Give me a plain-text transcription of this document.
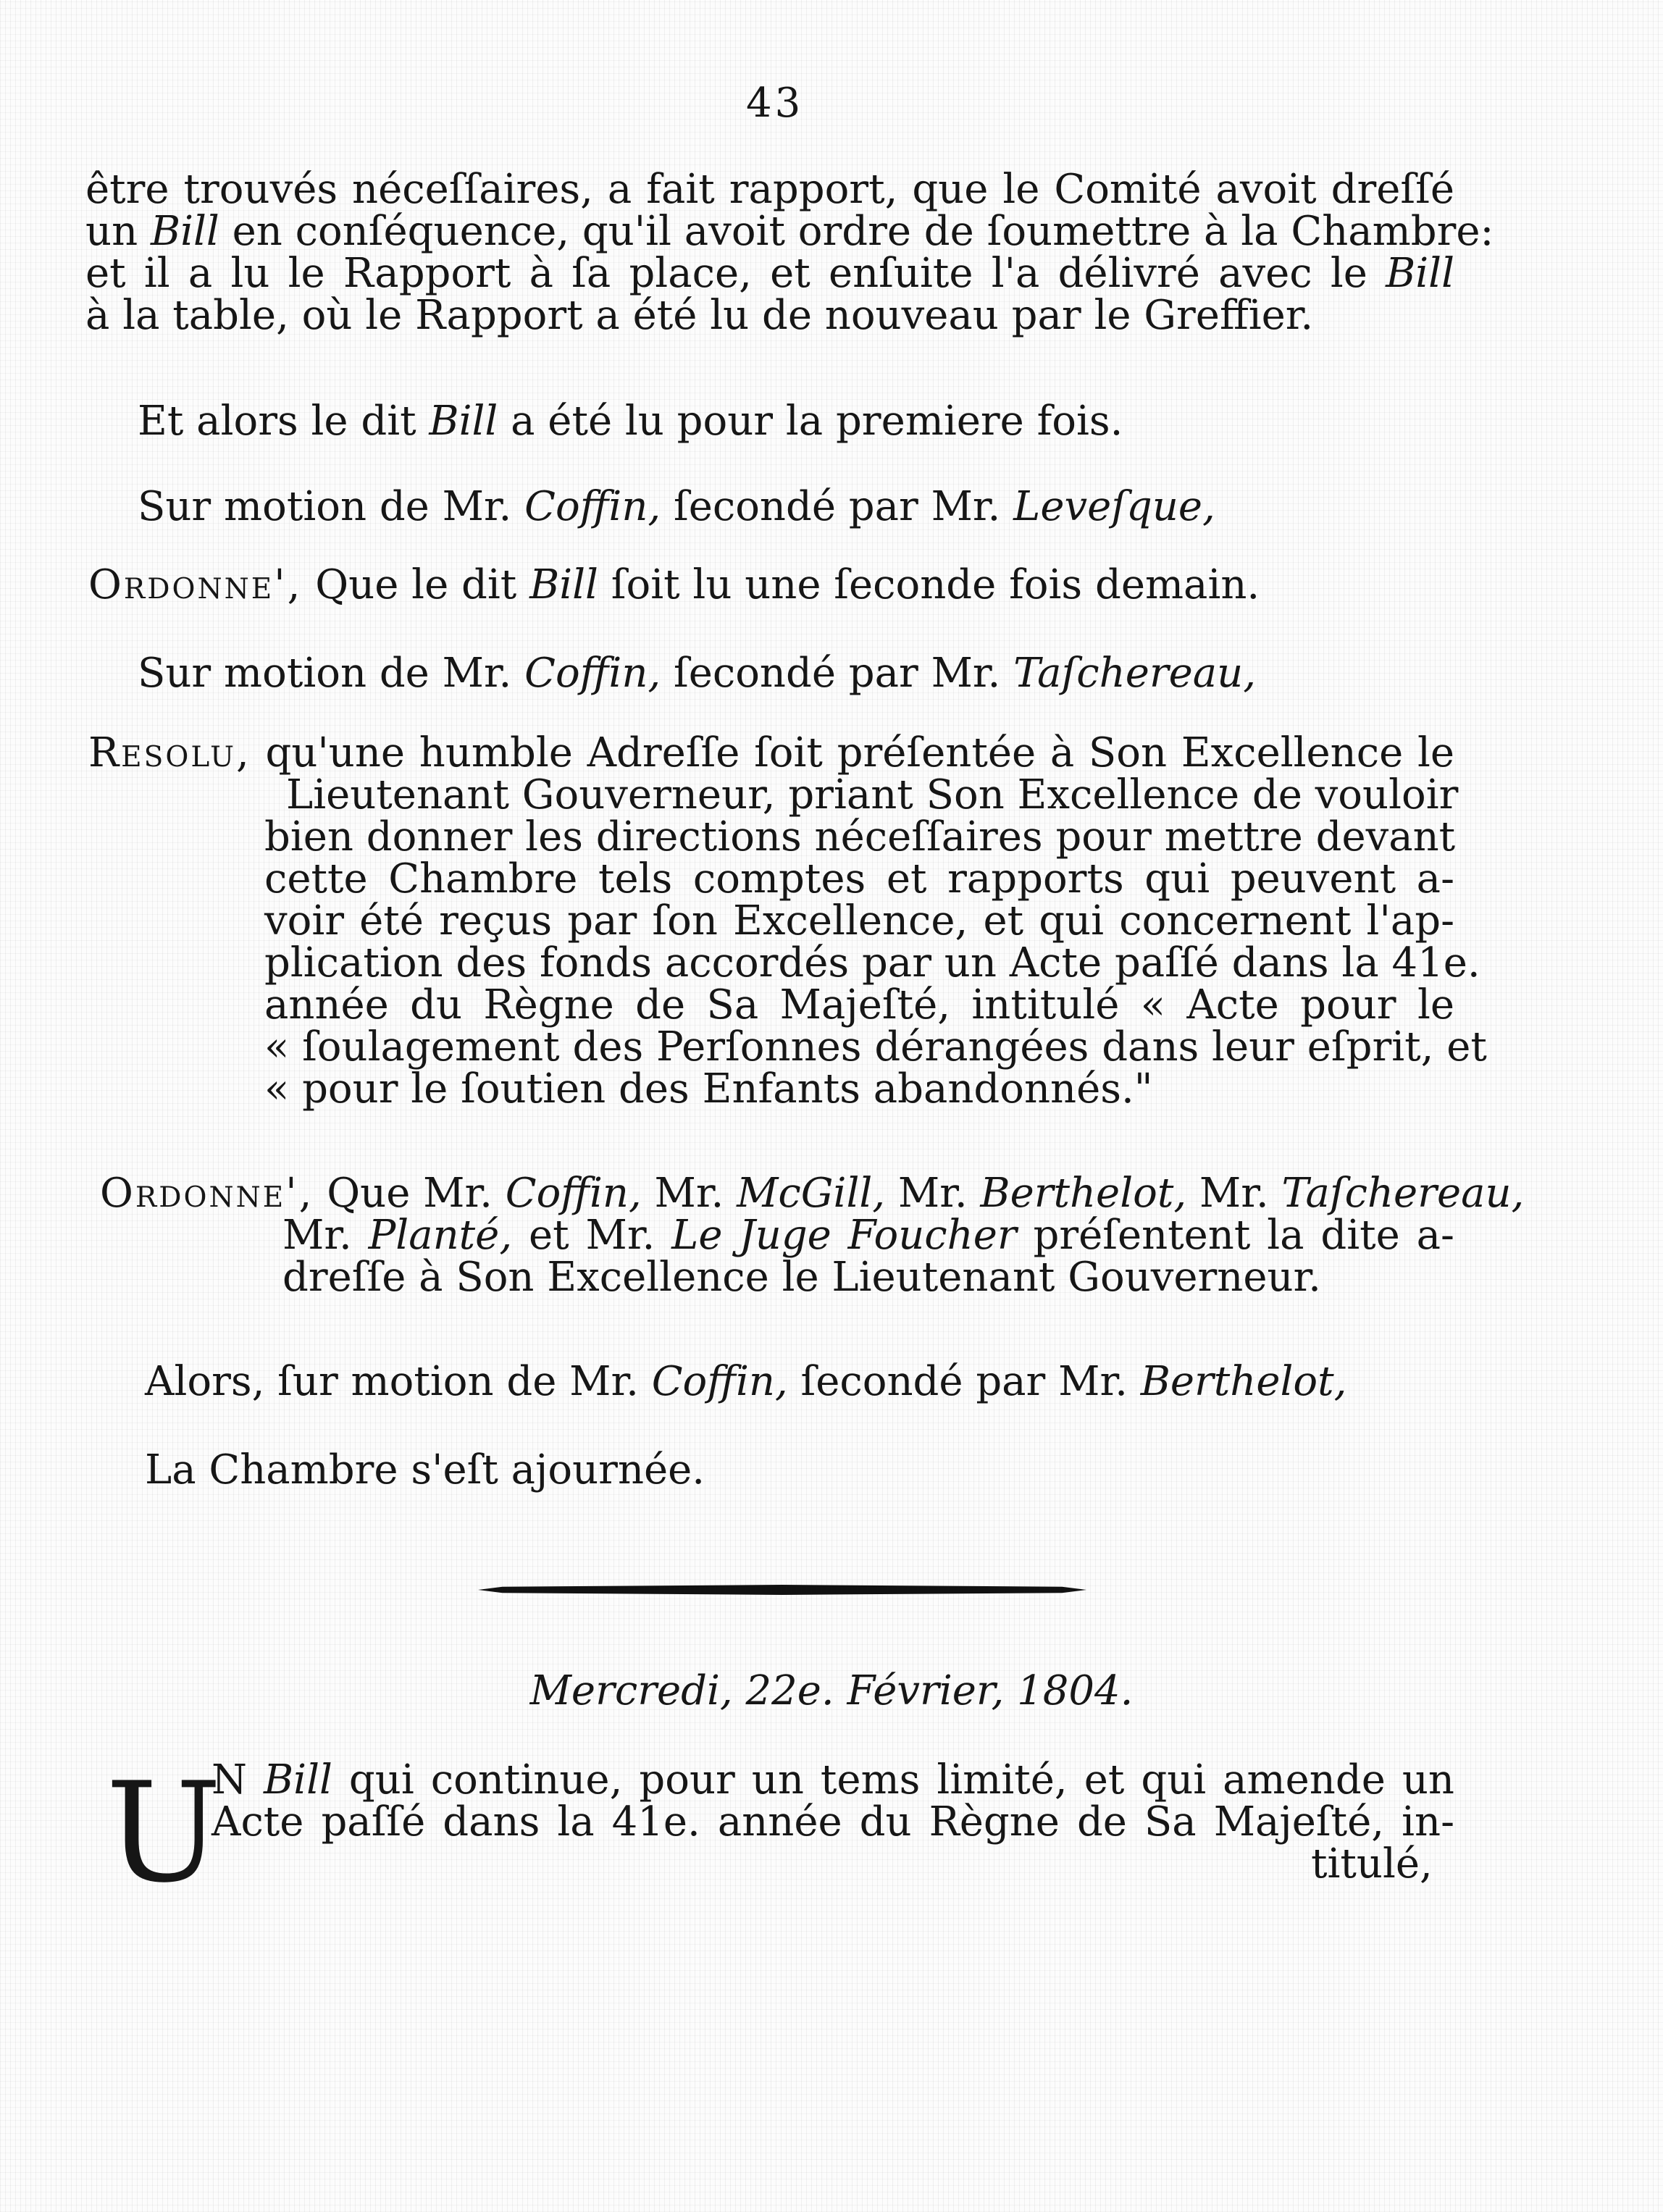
43
être trouvés néceſſaires, a fait rapport, que le Comité avoit dreſſé
un Bill en conſéquence, qu'il avoit ordre de ſoumettre à la Chambre:
et il a lu le Rapport à ſa place, et enſuite l'a délivré avec le Bill
à la table, où le Rapport a été lu de nouveau par le Greffier.
Et alors le dit Bill a été lu pour la premiere fois.
Sur motion de Mr. Coffin, ſecondé par Mr. Leveſque,
Ordonne', Que le dit Bill ſoit lu une ſeconde fois demain.
Sur motion de Mr. Coffin, ſecondé par Mr. Taſchereau,
Resolu, qu'une humble Adreſſe ſoit préſentée à Son Excellence le
Lieutenant Gouverneur, priant Son Excellence de vouloir
bien donner les directions néceſſaires pour mettre devant
cette Chambre tels comptes et rapports qui peuvent a-
voir été reçus par ſon Excellence, et qui concernent l'ap-
plication des fonds accordés par un Acte paſſé dans la 41e.
année du Règne de Sa Majeſté, intitulé « Acte pour le
« ſoulagement des Perſonnes dérangées dans leur eſprit, et
« pour le ſoutien des Enfants abandonnés."
Ordonne', Que Mr. Coffin, Mr. McGill, Mr. Berthelot, Mr. Taſchereau,
Mr. Planté, et Mr. Le Juge Foucher préſentent la dite a-
dreſſe à Son Excellence le Lieutenant Gouverneur.
Alors, ſur motion de Mr. Coffin, ſecondé par Mr. Berthelot,
La Chambre s'eſt ajournée.
Mercredi, 22e. Février, 1804.
U
N Bill qui continue, pour un tems limité, et qui amende un
Acte paſſé dans la 41e. année du Règne de Sa Majeſté, in-
titulé,
